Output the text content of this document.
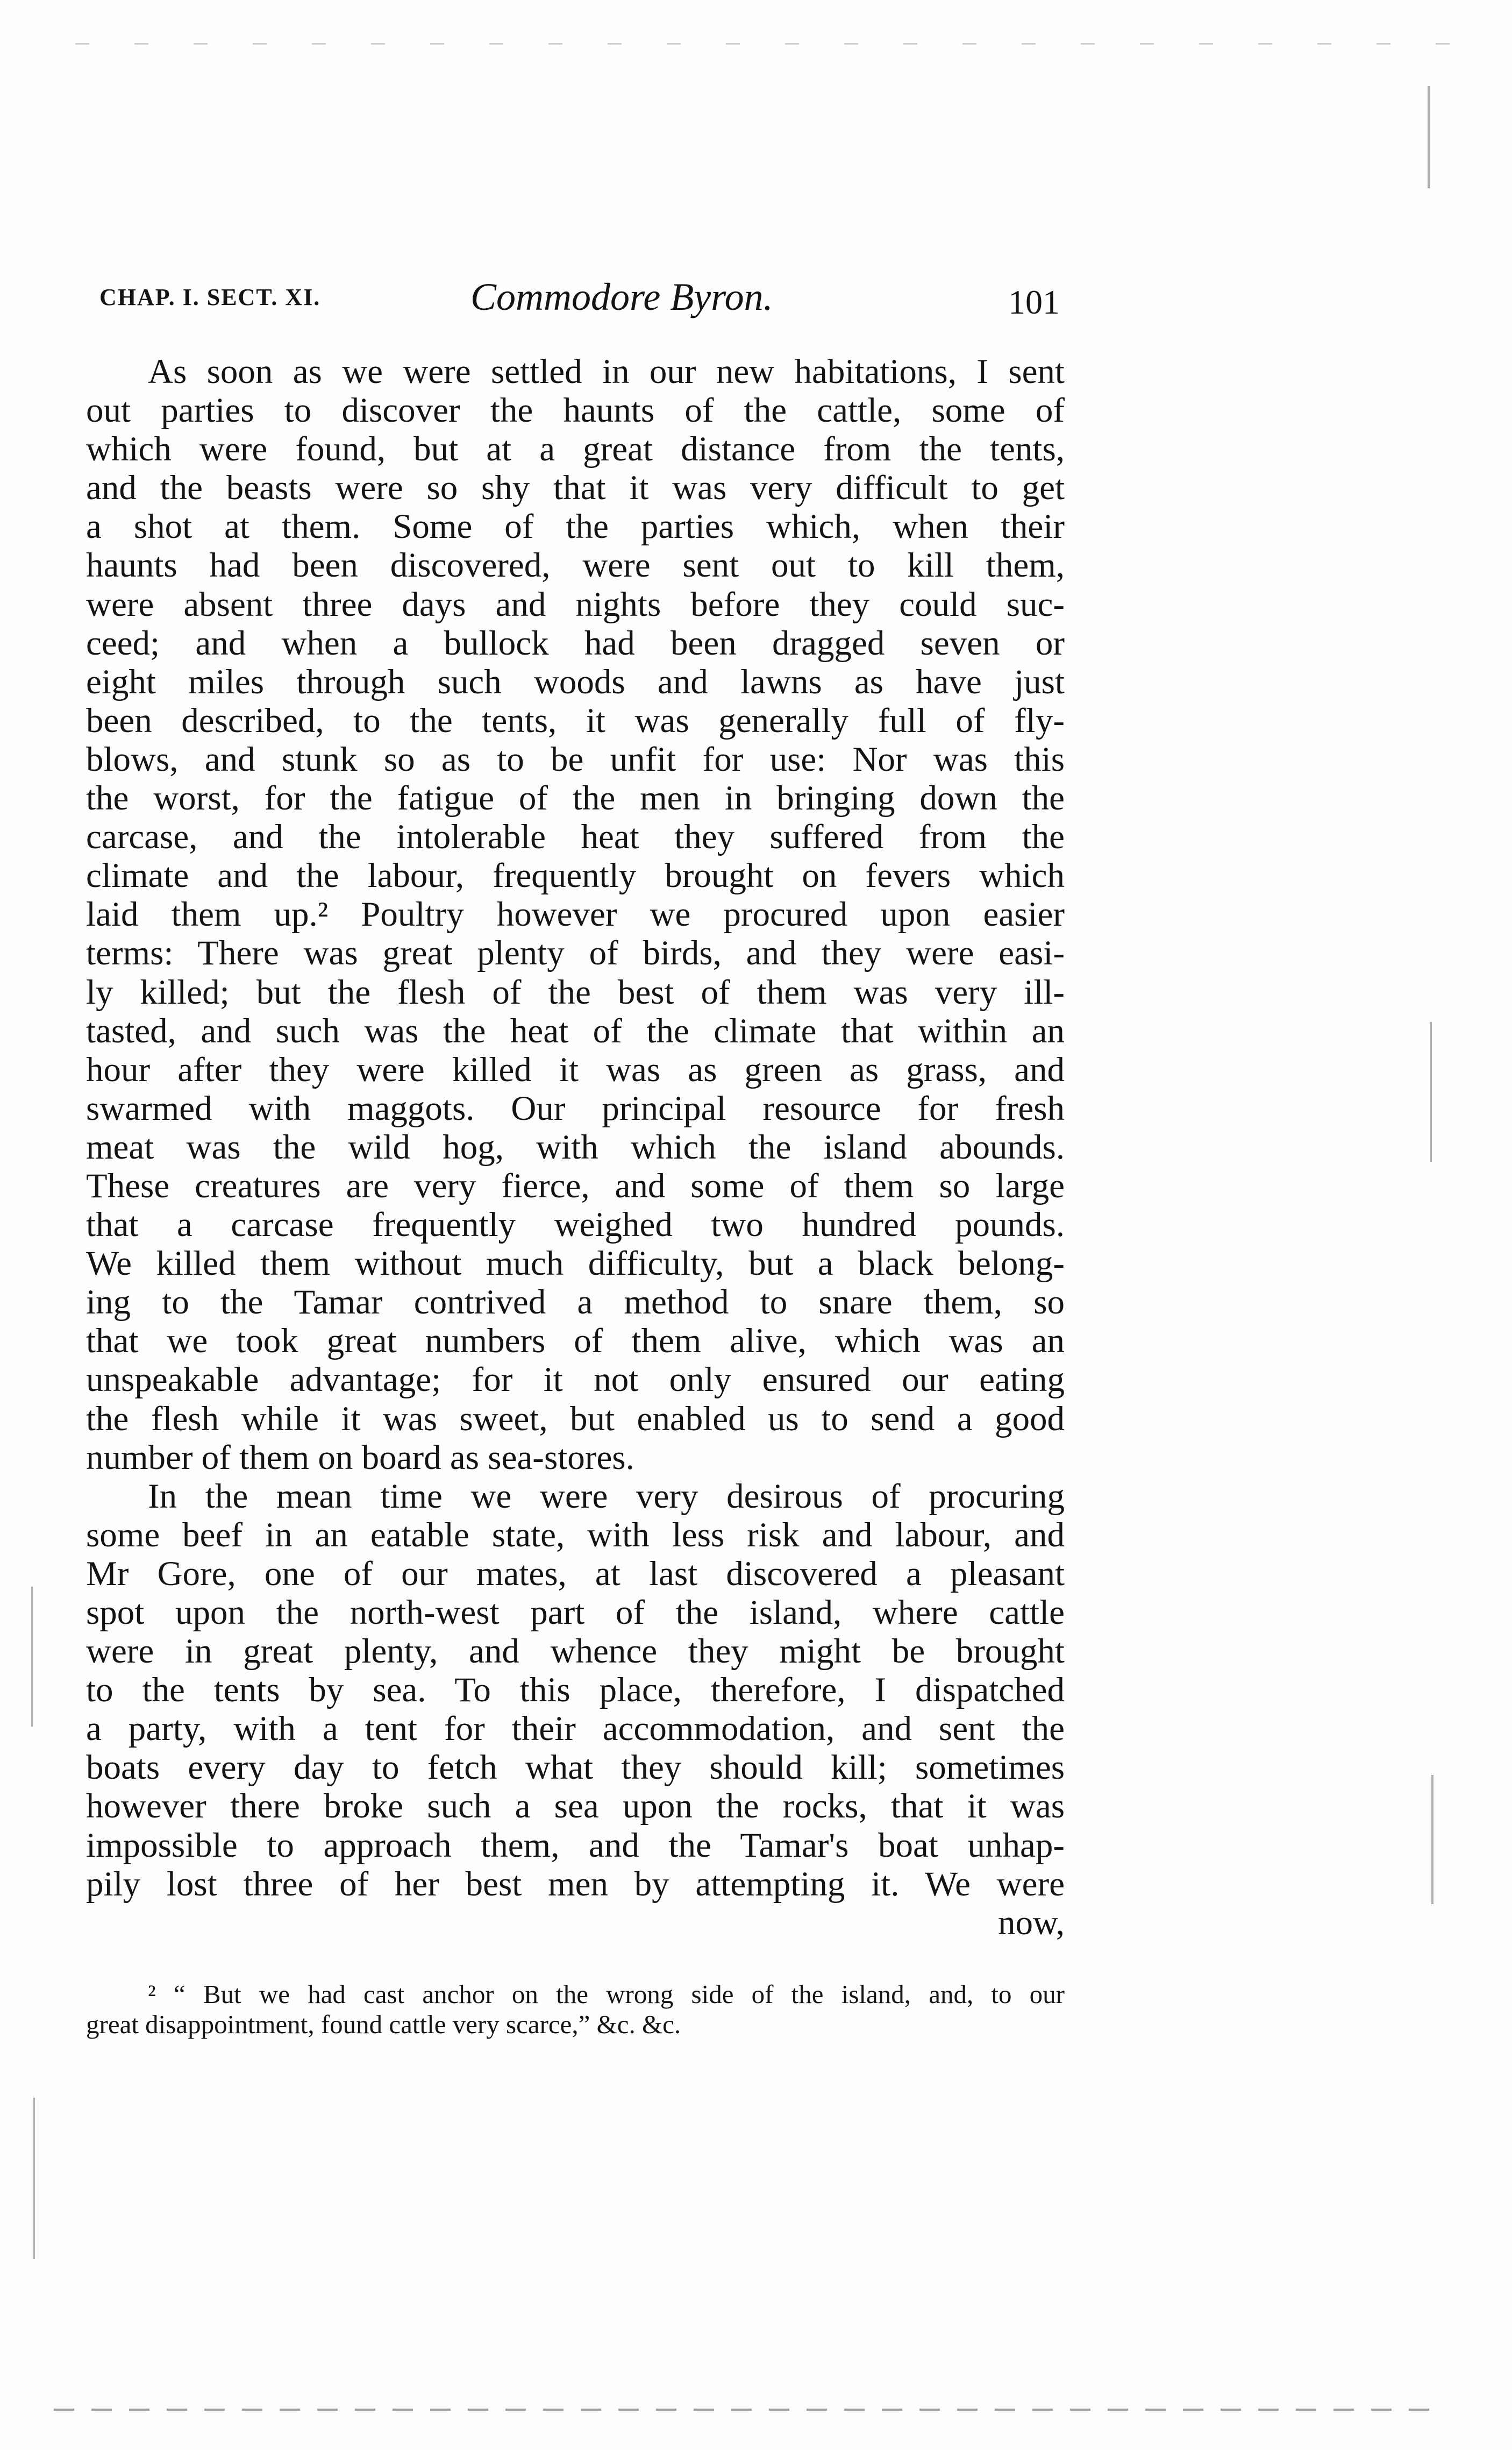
CHAP. I. SECT. XI.	Commodore Byron.	101
As soon as we were settled in our new habitations, I sent
out parties to discover the haunts of the cattle, some of
which were found, but at a great distance from the tents,
and the beasts were so shy that it was very difficult to get
a shot at them. Some of the parties which, when their
haunts had been discovered, were sent out to kill them,
were absent three days and nights before they could suc-
ceed; and when a bullock had been dragged seven or
eight miles through such woods and lawns as have just
been described, to the tents, it was generally full of fly-
blows, and stunk so as to be unfit for use: Nor was this
the worst, for the fatigue of the men in bringing down the
carcase, and the intolerable heat they suffered from the
climate and the labour, frequently brought on fevers which
laid them up.² Poultry however we procured upon easier
terms: There was great plenty of birds, and they were easi-
ly killed; but the flesh of the best of them was very ill-
tasted, and such was the heat of the climate that within an
hour after they were killed it was as green as grass, and
swarmed with maggots. Our principal resource for fresh
meat was the wild hog, with which the island abounds.
These creatures are very fierce, and some of them so large
that a carcase frequently weighed two hundred pounds.
We killed them without much difficulty, but a black belong-
ing to the Tamar contrived a method to snare them, so
that we took great numbers of them alive, which was an
unspeakable advantage; for it not only ensured our eating
the flesh while it was sweet, but enabled us to send a good
number of them on board as sea-stores.
In the mean time we were very desirous of procuring
some beef in an eatable state, with less risk and labour, and
Mr Gore, one of our mates, at last discovered a pleasant
spot upon the north-west part of the island, where cattle
were in great plenty, and whence they might be brought
to the tents by sea. To this place, therefore, I dispatched
a party, with a tent for their accommodation, and sent the
boats every day to fetch what they should kill; sometimes
however there broke such a sea upon the rocks, that it was
impossible to approach them, and the Tamar's boat unhap-
pily lost three of her best men by attempting it. We were
now,
² “ But we had cast anchor on the wrong side of the island, and, to our
great disappointment, found cattle very scarce,” &c. &c.
